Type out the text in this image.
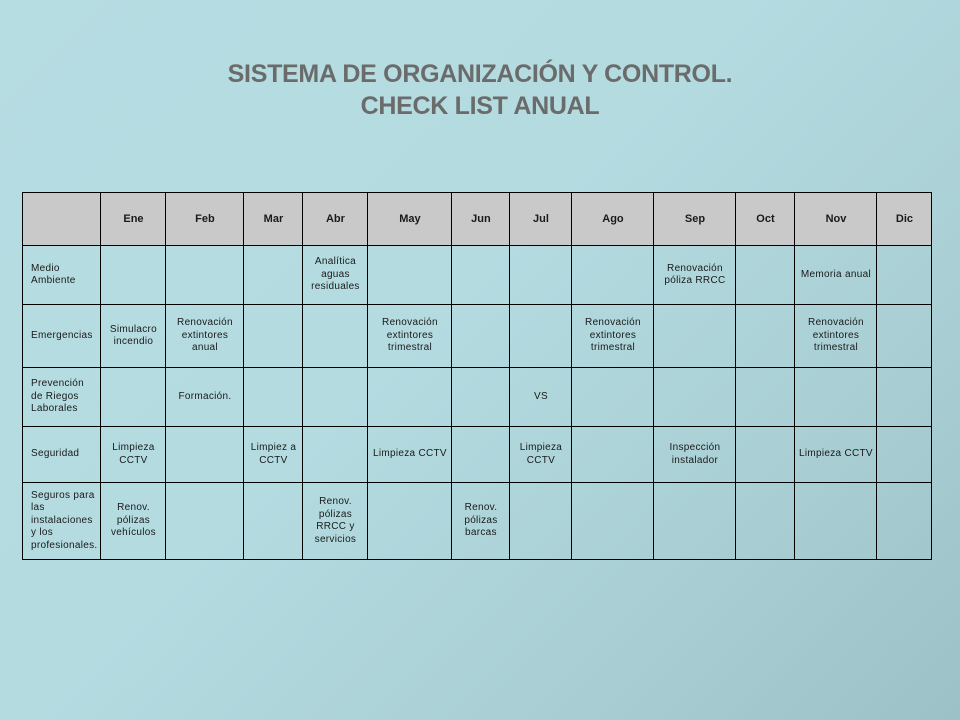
SISTEMA DE ORGANIZACIÓN Y CONTROL.
CHECK LIST ANUAL
	Ene	Feb	Mar	Abr	May	Jun	Jul	Ago	Sep	Oct	Nov	Dic
Medio Ambiente				Analítica aguas residuales					Renovación póliza RRCC		Memoria anual	
Emergencias	Simulacro incendio	Renovación extintores anual			Renovación extintores trimestral			Renovación extintores trimestral			Renovación extintores trimestral	
Prevención de Riegos Laborales		Formación.					VS					
Seguridad	Limpieza CCTV		Limpiez a CCTV		Limpieza CCTV		Limpieza CCTV		Inspección instalador		Limpieza CCTV	
Seguros para las instalaciones y los profesionales.	Renov. pólizas vehículos			Renov. pólizas RRCC y servicios		Renov. pólizas barcas						
